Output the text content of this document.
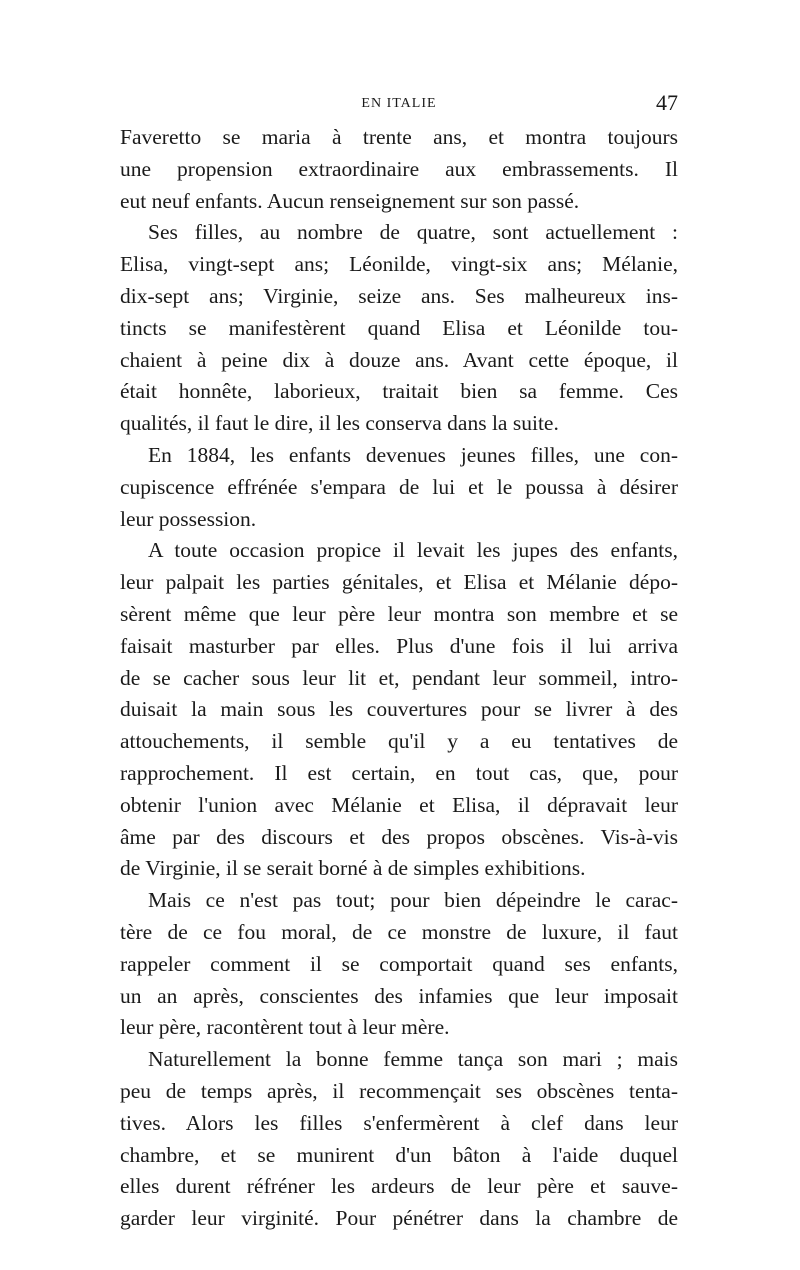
EN ITALIE	47
Faveretto se maria à trente ans, et montra toujours
une propension extraordinaire aux embrassements. Il
eut neuf enfants. Aucun renseignement sur son passé.
Ses filles, au nombre de quatre, sont actuellement :
Elisa, vingt-sept ans; Léonilde, vingt-six ans; Mélanie,
dix-sept ans; Virginie, seize ans. Ses malheureux ins-
tincts se manifestèrent quand Elisa et Léonilde tou-
chaient à peine dix à douze ans. Avant cette époque, il
était honnête, laborieux, traitait bien sa femme. Ces
qualités, il faut le dire, il les conserva dans la suite.
En 1884, les enfants devenues jeunes filles, une con-
cupiscence effrénée s'empara de lui et le poussa à désirer
leur possession.
A toute occasion propice il levait les jupes des enfants,
leur palpait les parties génitales, et Elisa et Mélanie dépo-
sèrent même que leur père leur montra son membre et se
faisait masturber par elles. Plus d'une fois il lui arriva
de se cacher sous leur lit et, pendant leur sommeil, intro-
duisait la main sous les couvertures pour se livrer à des
attouchements, il semble qu'il y a eu tentatives de
rapprochement. Il est certain, en tout cas, que, pour
obtenir l'union avec Mélanie et Elisa, il dépravait leur
âme par des discours et des propos obscènes. Vis-à-vis
de Virginie, il se serait borné à de simples exhibitions.
Mais ce n'est pas tout; pour bien dépeindre le carac-
tère de ce fou moral, de ce monstre de luxure, il faut
rappeler comment il se comportait quand ses enfants,
un an après, conscientes des infamies que leur imposait
leur père, racontèrent tout à leur mère.
Naturellement la bonne femme tança son mari ; mais
peu de temps après, il recommençait ses obscènes tenta-
tives. Alors les filles s'enfermèrent à clef dans leur
chambre, et se munirent d'un bâton à l'aide duquel
elles durent réfréner les ardeurs de leur père et sauve-
garder leur virginité. Pour pénétrer dans la chambre de
